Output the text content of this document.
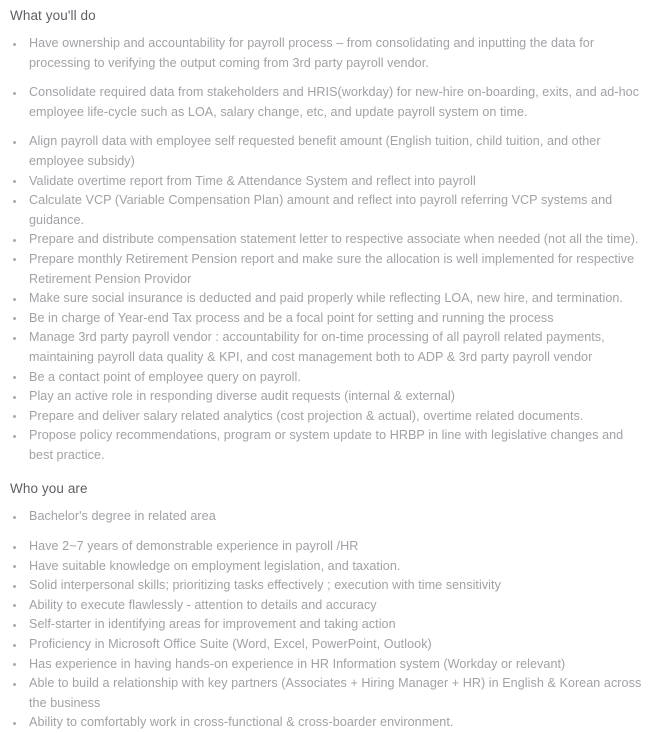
What you'll do
Have ownership and accountability for payroll process – from consolidating and inputting the data for processing to verifying the output coming from 3rd party payroll vendor.
Consolidate required data from stakeholders and HRIS(workday) for new-hire on-boarding, exits, and ad-hoc employee life-cycle such as LOA, salary change, etc, and update payroll system on time.
Align payroll data with employee self requested benefit amount (English tuition, child tuition, and other employee subsidy)
Validate overtime report from Time & Attendance System and reflect into payroll
Calculate VCP (Variable Compensation Plan) amount and reflect into payroll referring VCP systems and guidance.
Prepare and distribute compensation statement letter to respective associate when needed (not all the time).
Prepare monthly Retirement Pension report and make sure the allocation is well implemented for respective Retirement Pension Providor
Make sure social insurance is deducted and paid properly while reflecting LOA, new hire, and termination.
Be in charge of Year-end Tax process and be a focal point for setting and running the process
Manage 3rd party payroll vendor : accountability for on-time processing of all payroll related payments, maintaining payroll data quality & KPI, and cost management both to ADP & 3rd party payroll vendor
Be a contact point of employee query on payroll.
Play an active role in responding diverse audit requests (internal & external)
Prepare and deliver salary related analytics (cost projection & actual), overtime related documents.
Propose policy recommendations, program or system update to HRBP in line with legislative changes and best practice.
Who you are
Bachelor's degree in related area
Have 2~7 years of demonstrable experience in payroll /HR
Have suitable knowledge on employment legislation, and taxation.
Solid interpersonal skills; prioritizing tasks effectively ; execution with time sensitivity
Ability to execute flawlessly - attention to details and accuracy
Self-starter in identifying areas for improvement and taking action
Proficiency in Microsoft Office Suite (Word, Excel, PowerPoint, Outlook)
Has experience in having hands-on experience in HR Information system (Workday or relevant)
Able to build a relationship with key partners (Associates + Hiring Manager + HR) in English & Korean across the business
Ability to comfortably work in cross-functional & cross-boarder environment.
